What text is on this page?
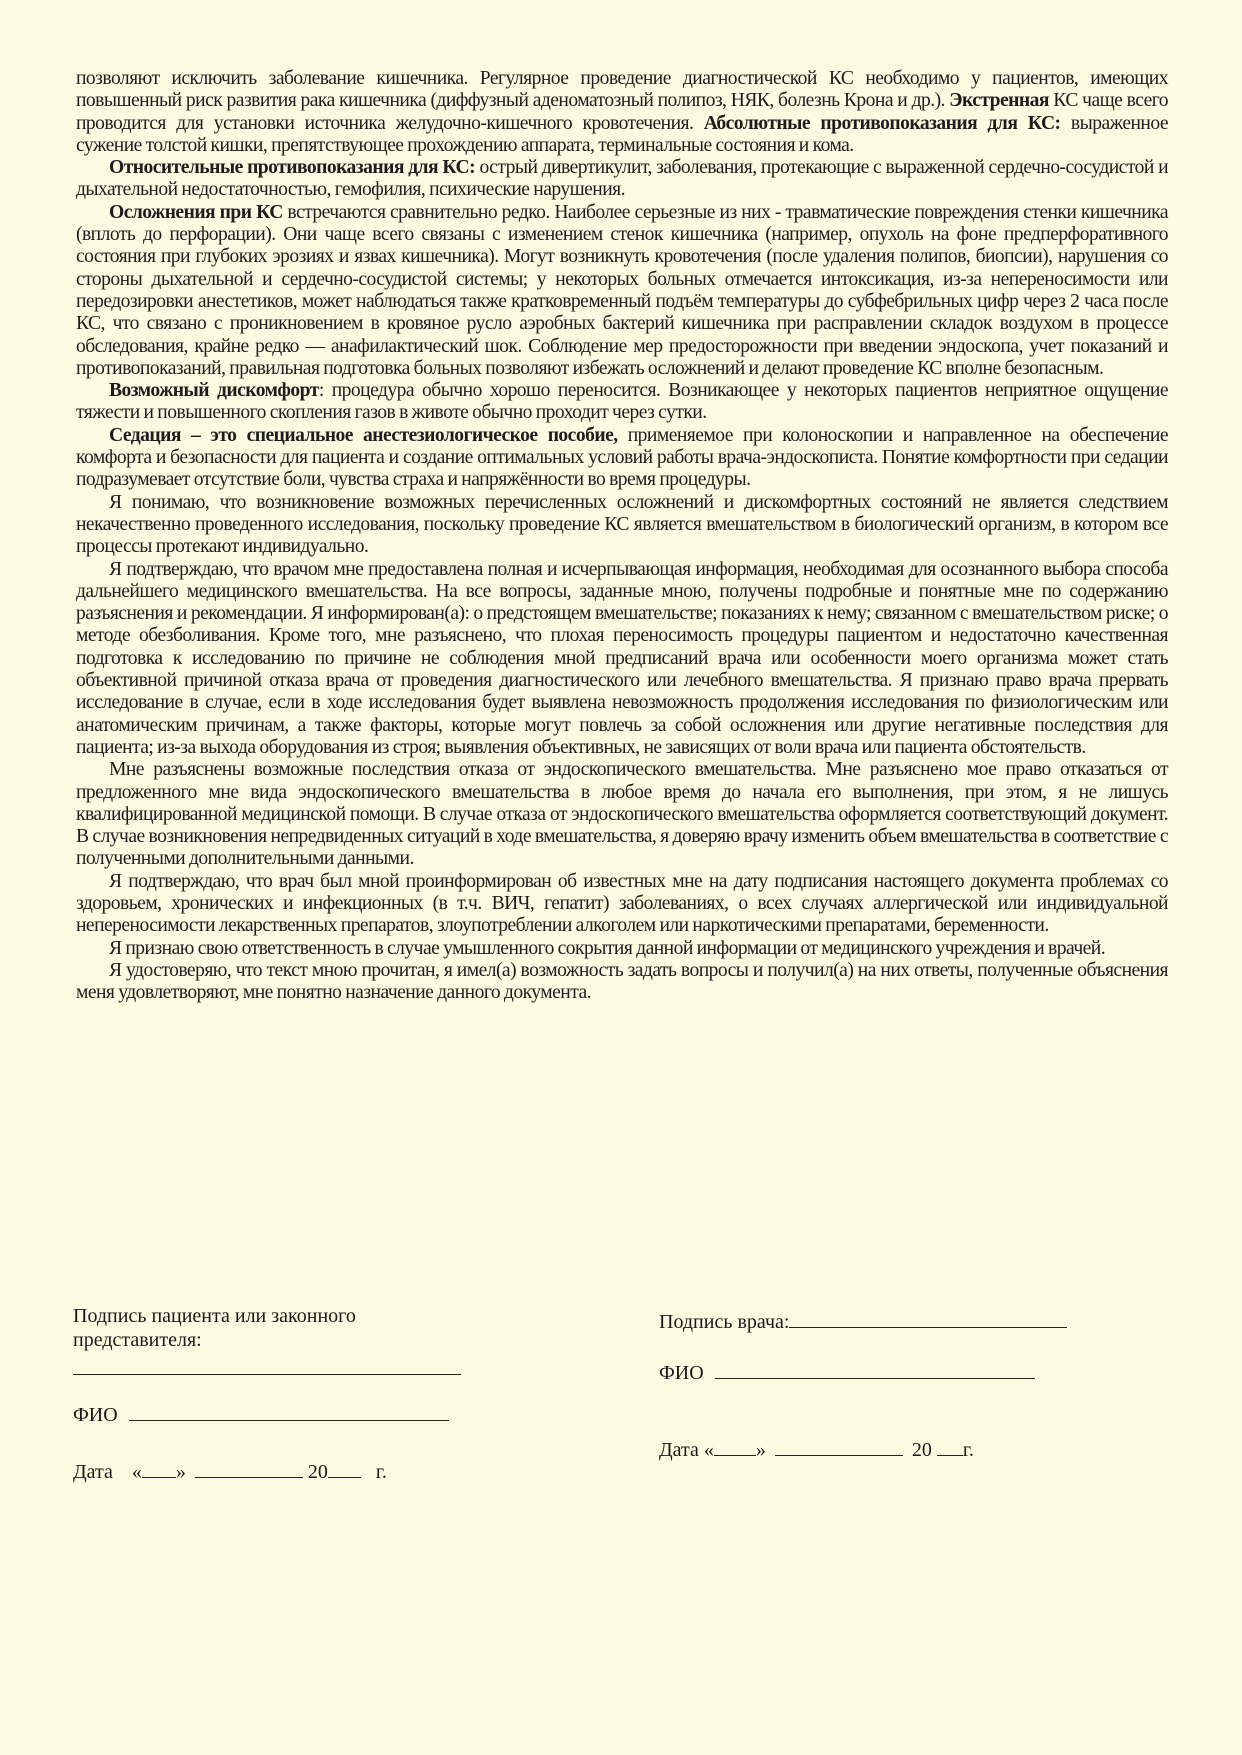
позволяют исключить заболевание кишечника. Регулярное проведение диагностической КС необходимо у пациентов, имеющих повышенный риск развития рака кишечника (диффузный аденоматозный полипоз, НЯК, болезнь Крона и др.). Экстренная КС чаще всего проводится для установки источника желудочно-кишечного кровотечения. Абсолютные противопоказания для КС: выраженное сужение толстой кишки, препятствующее прохождению аппарата, терминальные состояния и кома.

Относительные противопоказания для КС: острый дивертикулит, заболевания, протекающие с выраженной сердечно-сосудистой и дыхательной недостаточностью, гемофилия, психические нарушения.

Осложнения при КС встречаются сравнительно редко. Наиболее серьезные из них - травматические повреждения стенки кишечника (вплоть до перфорации). Они чаще всего связаны с изменением стенок кишечника (например, опухоль на фоне предперфоративного состояния при глубоких эрозиях и язвах кишечника). Могут возникнуть кровотечения (после удаления полипов, биопсии), нарушения со стороны дыхательной и сердечно-сосудистой системы; у некоторых больных отмечается интоксикация, из-за непереносимости или передозировки анестетиков, может наблюдаться также кратковременный подъём температуры до субфебрильных цифр через 2 часа после КС, что связано с проникновением в кровяное русло аэробных бактерий кишечника при расправлении складок воздухом в процессе обследования, крайне редко — анафилактический шок. Соблюдение мер предосторожности при введении эндоскопа, учет показаний и противопоказаний, правильная подготовка больных позволяют избежать осложнений и делают проведение КС вполне безопасным.

Возможный дискомфорт: процедура обычно хорошо переносится. Возникающее у некоторых пациентов неприятное ощущение тяжести и повышенного скопления газов в животе обычно проходит через сутки.

Седация – это специальное анестезиологическое пособие, применяемое при колоноскопии и направленное на обеспечение комфорта и безопасности для пациента и создание оптимальных условий работы врача-эндоскописта. Понятие комфортности при седации подразумевает отсутствие боли, чувства страха и напряжённости во время процедуры.

Я понимаю, что возникновение возможных перечисленных осложнений и дискомфортных состояний не является следствием некачественно проведенного исследования, поскольку проведение КС является вмешательством в биологический организм, в котором все процессы протекают индивидуально.

Я подтверждаю, что врачом мне предоставлена полная и исчерпывающая информация, необходимая для осознанного выбора способа дальнейшего медицинского вмешательства. На все вопросы, заданные мною, получены подробные и понятные мне по содержанию разъяснения и рекомендации. Я информирован(а): о предстоящем вмешательстве; показаниях к нему; связанном с вмешательством риске; о методе обезболивания. Кроме того, мне разъяснено, что плохая переносимость процедуры пациентом и недостаточно качественная подготовка к исследованию по причине не соблюдения мной предписаний врача или особенности моего организма может стать объективной причиной отказа врача от проведения диагностического или лечебного вмешательства. Я признаю право врача прервать исследование в случае, если в ходе исследования будет выявлена невозможность продолжения исследования по физиологическим или анатомическим причинам, а также факторы, которые могут повлечь за собой осложнения или другие негативные последствия для пациента; из-за выхода оборудования из строя; выявления объективных, не зависящих от воли врача или пациента обстоятельств.

Мне разъяснены возможные последствия отказа от эндоскопического вмешательства. Мне разъяснено мое право отказаться от предложенного мне вида эндоскопического вмешательства в любое время до начала его выполнения, при этом, я не лишусь квалифицированной медицинской помощи. В случае отказа от эндоскопического вмешательства оформляется соответствующий документ. В случае возникновения непредвиденных ситуаций в ходе вмешательства, я доверяю врачу изменить объем вмешательства в соответствие с полученными дополнительными данными.

Я подтверждаю, что врач был мной проинформирован об известных мне на дату подписания настоящего документа проблемах со здоровьем, хронических и инфекционных (в т.ч. ВИЧ, гепатит) заболеваниях, о всех случаях аллергической или индивидуальной непереносимости лекарственных препаратов, злоупотреблении алкоголем или наркотическими препаратами, беременности.

Я признаю свою ответственность в случае умышленного сокрытия данной информации от медицинского учреждения и врачей.

Я удостоверяю, что текст мною прочитан, я имел(а) возможность задать вопросы и получил(а) на них ответы, полученные объяснения меня удовлетворяют, мне понятно назначение данного документа.

Подпись пациента или законного
представителя:
ФИО
Дата « »	20 г.
Подпись врача:
ФИО
Дата « »	20 г.
